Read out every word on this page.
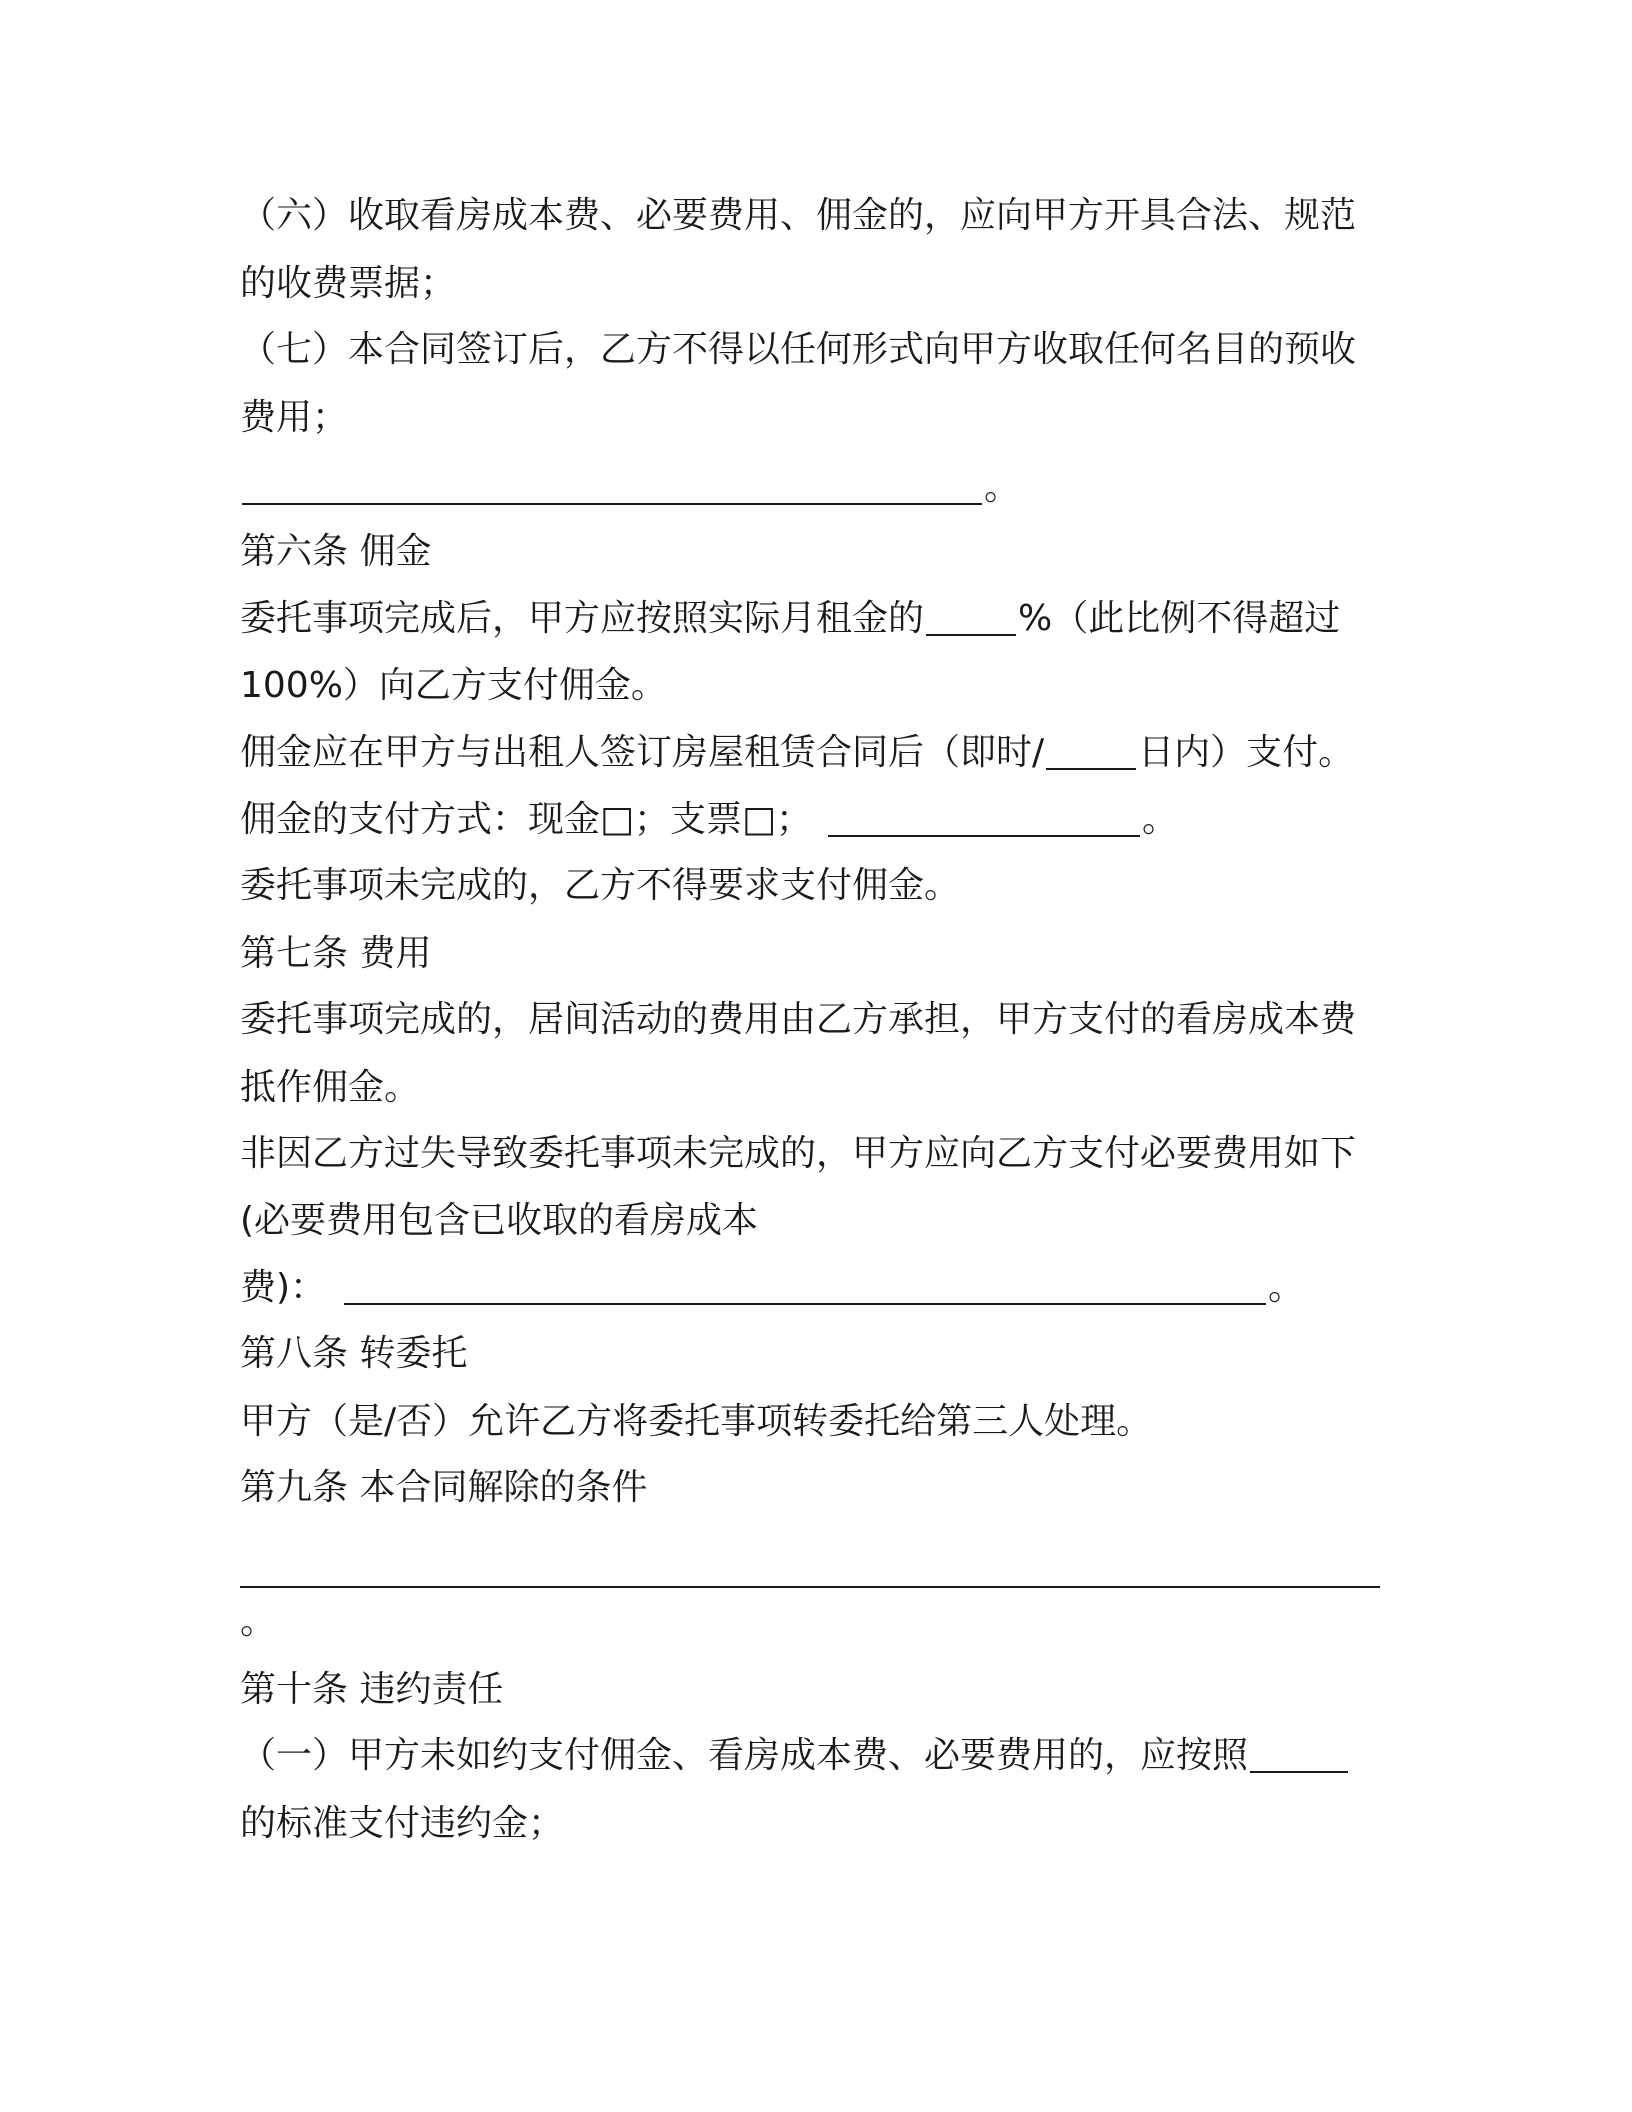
（六）收取看房成本费、必要费用、佣金的，应向甲方开具合法、规范
的收费票据；
（七）本合同签订后，乙方不得以任何形式向甲方收取任何名目的预收
费用；
。
第六条 佣金
委托事项完成后，甲方应按照实际月租金的	%（此比例不得超过
100%）向乙方支付佣金。
佣金应在甲方与出租人签订房屋租赁合同后（即时/	日内）支付。
佣金的支付方式：现金□；支票□；	。
委托事项未完成的，乙方不得要求支付佣金。
第七条 费用
委托事项完成的，居间活动的费用由乙方承担，甲方支付的看房成本费
抵作佣金。
非因乙方过失导致委托事项未完成的，甲方应向乙方支付必要费用如下
(必要费用包含已收取的看房成本
费)：	。
第八条 转委托
甲方（是/否）允许乙方将委托事项转委托给第三人处理。
第九条 本合同解除的条件
。
第十条 违约责任
（一）甲方未如约支付佣金、看房成本费、必要费用的，应按照
的标准支付违约金；
